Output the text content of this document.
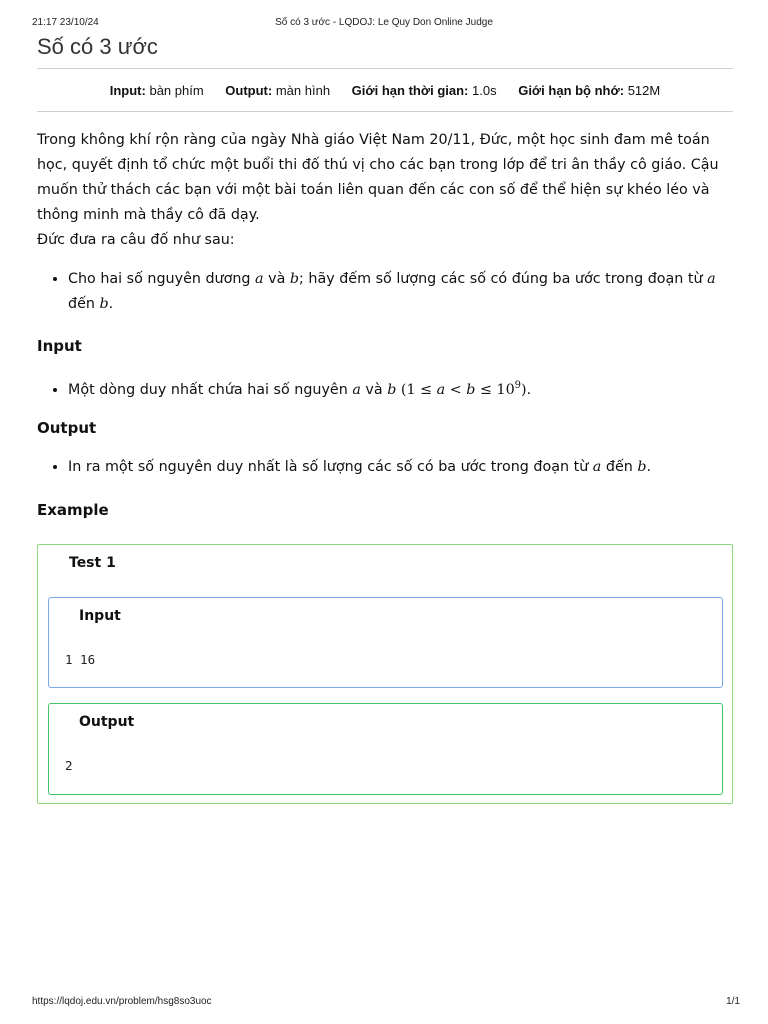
21:17 23/10/24	Số có 3 ước - LQDOJ: Le Quy Don Online Judge
Số có 3 ước
Input: bàn phím Output: màn hình Giới hạn thời gian: 1.0s Giới hạn bộ nhớ: 512M

Trong không khí rộn ràng của ngày Nhà giáo Việt Nam 20/11, Đức, một học sinh đam mê toán học, quyết định tổ chức một buổi thi đố thú vị cho các bạn trong lớp để tri ân thầy cô giáo. Cậu muốn thử thách các bạn với một bài toán liên quan đến các con số để thể hiện sự khéo léo và thông minh mà thầy cô đã dạy.

Đức đưa ra câu đố như sau:

• Cho hai số nguyên dương a và b; hãy đếm số lượng các số có đúng ba ước trong đoạn từ a đến b.
Input
• Một dòng duy nhất chứa hai số nguyên a và b $(1 \le a < b \le 10^9)$.
Output
• In ra một số nguyên duy nhất là số lượng các số có ba ước trong đoạn từ a đến b.
Example
Test 1
Input
1 16
Output
2
https://lqdoj.edu.vn/problem/hsg8so3uoc	1/1
